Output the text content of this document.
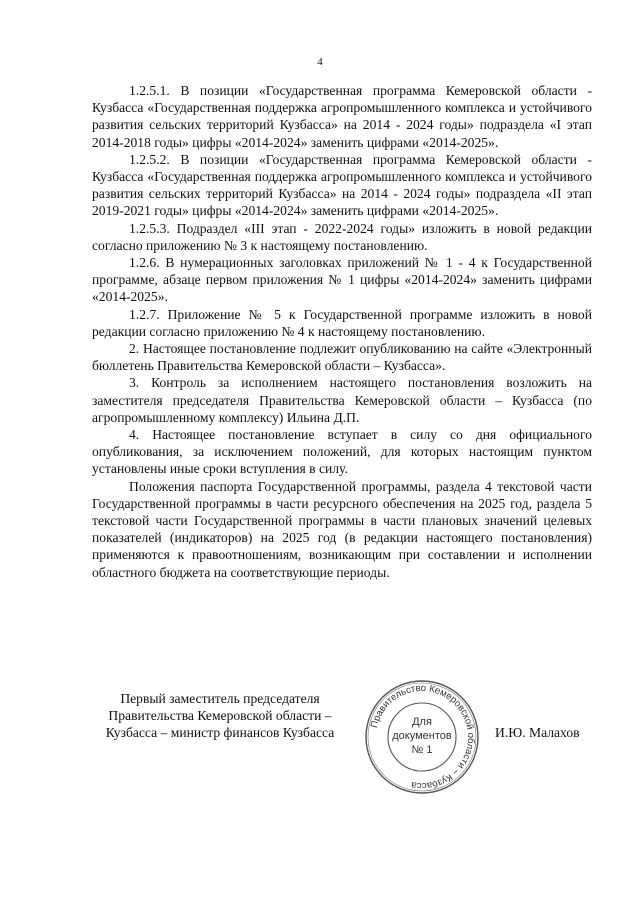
4

1.2.5.1. В позиции «Государственная программа Кемеровской области - Кузбасса «Государственная поддержка агропромышленного комплекса и устойчивого развития сельских территорий Кузбасса» на 2014 - 2024 годы» подраздела «I этап 2014-2018 годы» цифры «2014-2024» заменить цифрами «2014-2025».

1.2.5.2. В позиции «Государственная программа Кемеровской области - Кузбасса «Государственная поддержка агропромышленного комплекса и устойчивого развития сельских территорий Кузбасса» на 2014 - 2024 годы» подраздела «II этап 2019-2021 годы» цифры «2014-2024» заменить цифрами «2014-2025».

1.2.5.3. Подраздел «III этап - 2022-2024 годы» изложить в новой редакции согласно приложению № 3 к настоящему постановлению.

1.2.6. В нумерационных заголовках приложений № 1 - 4 к Государственной программе, абзаце первом приложения № 1 цифры «2014-2024» заменить цифрами «2014-2025».

1.2.7. Приложение № 5 к Государственной программе изложить в новой редакции согласно приложению № 4 к настоящему постановлению.

2. Настоящее постановление подлежит опубликованию на сайте «Электронный бюллетень Правительства Кемеровской области – Кузбасса».

3. Контроль за исполнением настоящего постановления возложить на заместителя председателя Правительства Кемеровской области – Кузбасса (по агропромышленному комплексу) Ильина Д.П.

4. Настоящее постановление вступает в силу со дня официального опубликования, за исключением положений, для которых настоящим пунктом установлены иные сроки вступления в силу.

Положения паспорта Государственной программы, раздела 4 текстовой части Государственной программы в части ресурсного обеспечения на 2025 год, раздела 5 текстовой части Государственной программы в части плановых значений целевых показателей (индикаторов) на 2025 год (в редакции настоящего постановления) применяются к правоотношениям, возникающим при составлении и исполнении областного бюджета на соответствующие периоды.

Первый заместитель председателя
Правительства Кемеровской области –
Кузбасса – министр финансов Кузбасса
Правительство Кемеровской области – Кузбасса
Для
документов
№ 1
И.Ю. Малахов
